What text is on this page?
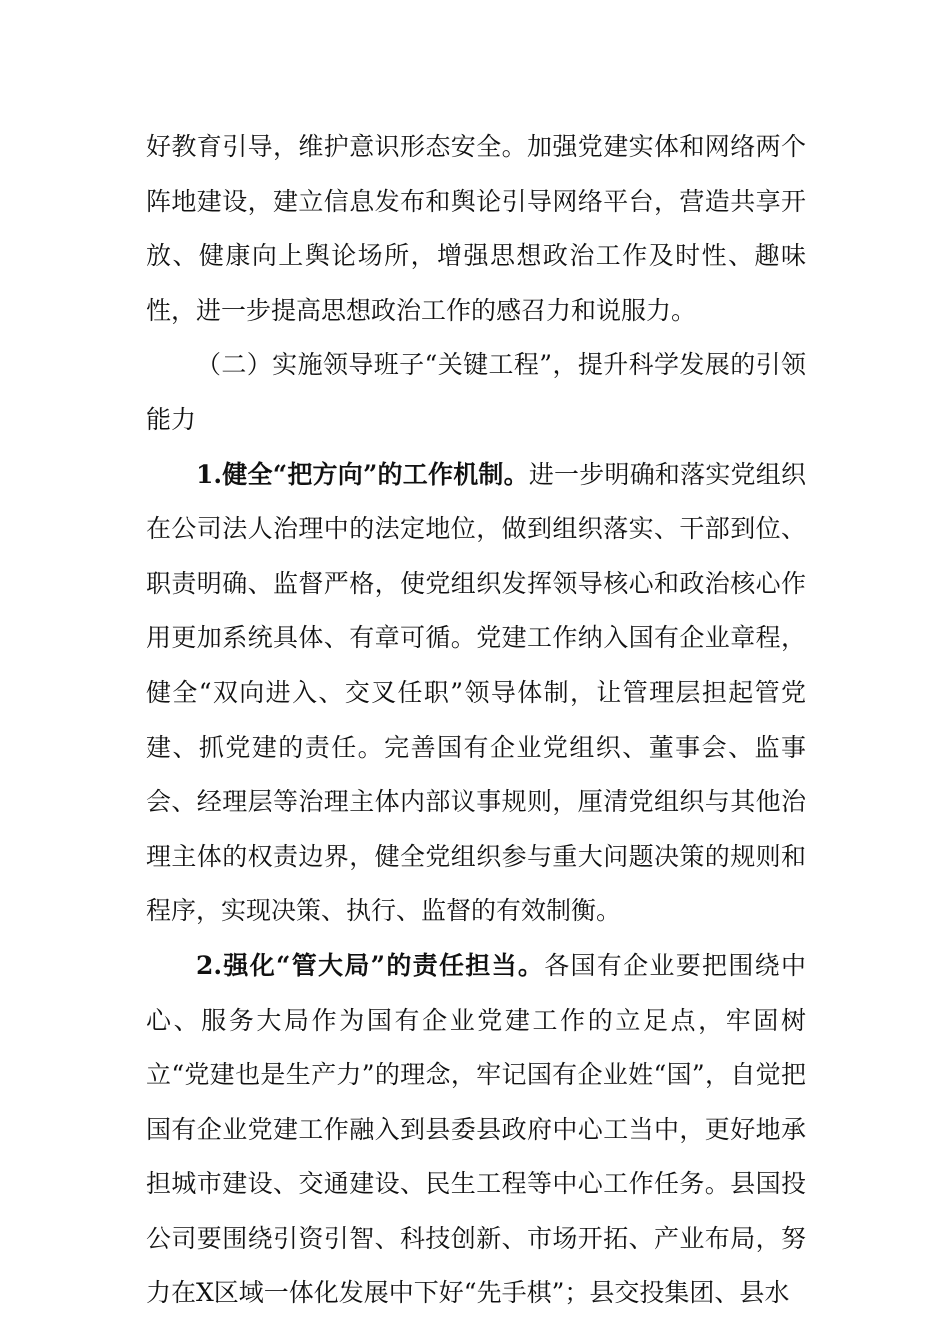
好教育引导，维护意识形态安全。加强党建实体和网络两个阵地建设，建立信息发布和舆论引导网络平台，营造共享开放、健康向上舆论场所，增强思想政治工作及时性、趣味性，进一步提高思想政治工作的感召力和说服力。

（二）实施领导班子“关键工程”，提升科学发展的引领能力

1.健全“把方向”的工作机制。进一步明确和落实党组织在公司法人治理中的法定地位，做到组织落实、干部到位、职责明确、监督严格，使党组织发挥领导核心和政治核心作用更加系统具体、有章可循。党建工作纳入国有企业章程，健全“双向进入、交叉任职”领导体制，让管理层担起管党建、抓党建的责任。完善国有企业党组织、董事会、监事会、经理层等治理主体内部议事规则，厘清党组织与其他治理主体的权责边界，健全党组织参与重大问题决策的规则和程序，实现决策、执行、监督的有效制衡。

2.强化“管大局”的责任担当。各国有企业要把围绕中心、服务大局作为国有企业党建工作的立足点，牢固树立“党建也是生产力”的理念，牢记国有企业姓“国”，自觉把国有企业党建工作融入到县委县政府中心工当中，更好地承担城市建设、交通建设、民生工程等中心工作任务。县国投公司要围绕引资引智、科技创新、市场开拓、产业布局，努力在X区域一体化发展中下好“先手棋”；县交投集团、县水
